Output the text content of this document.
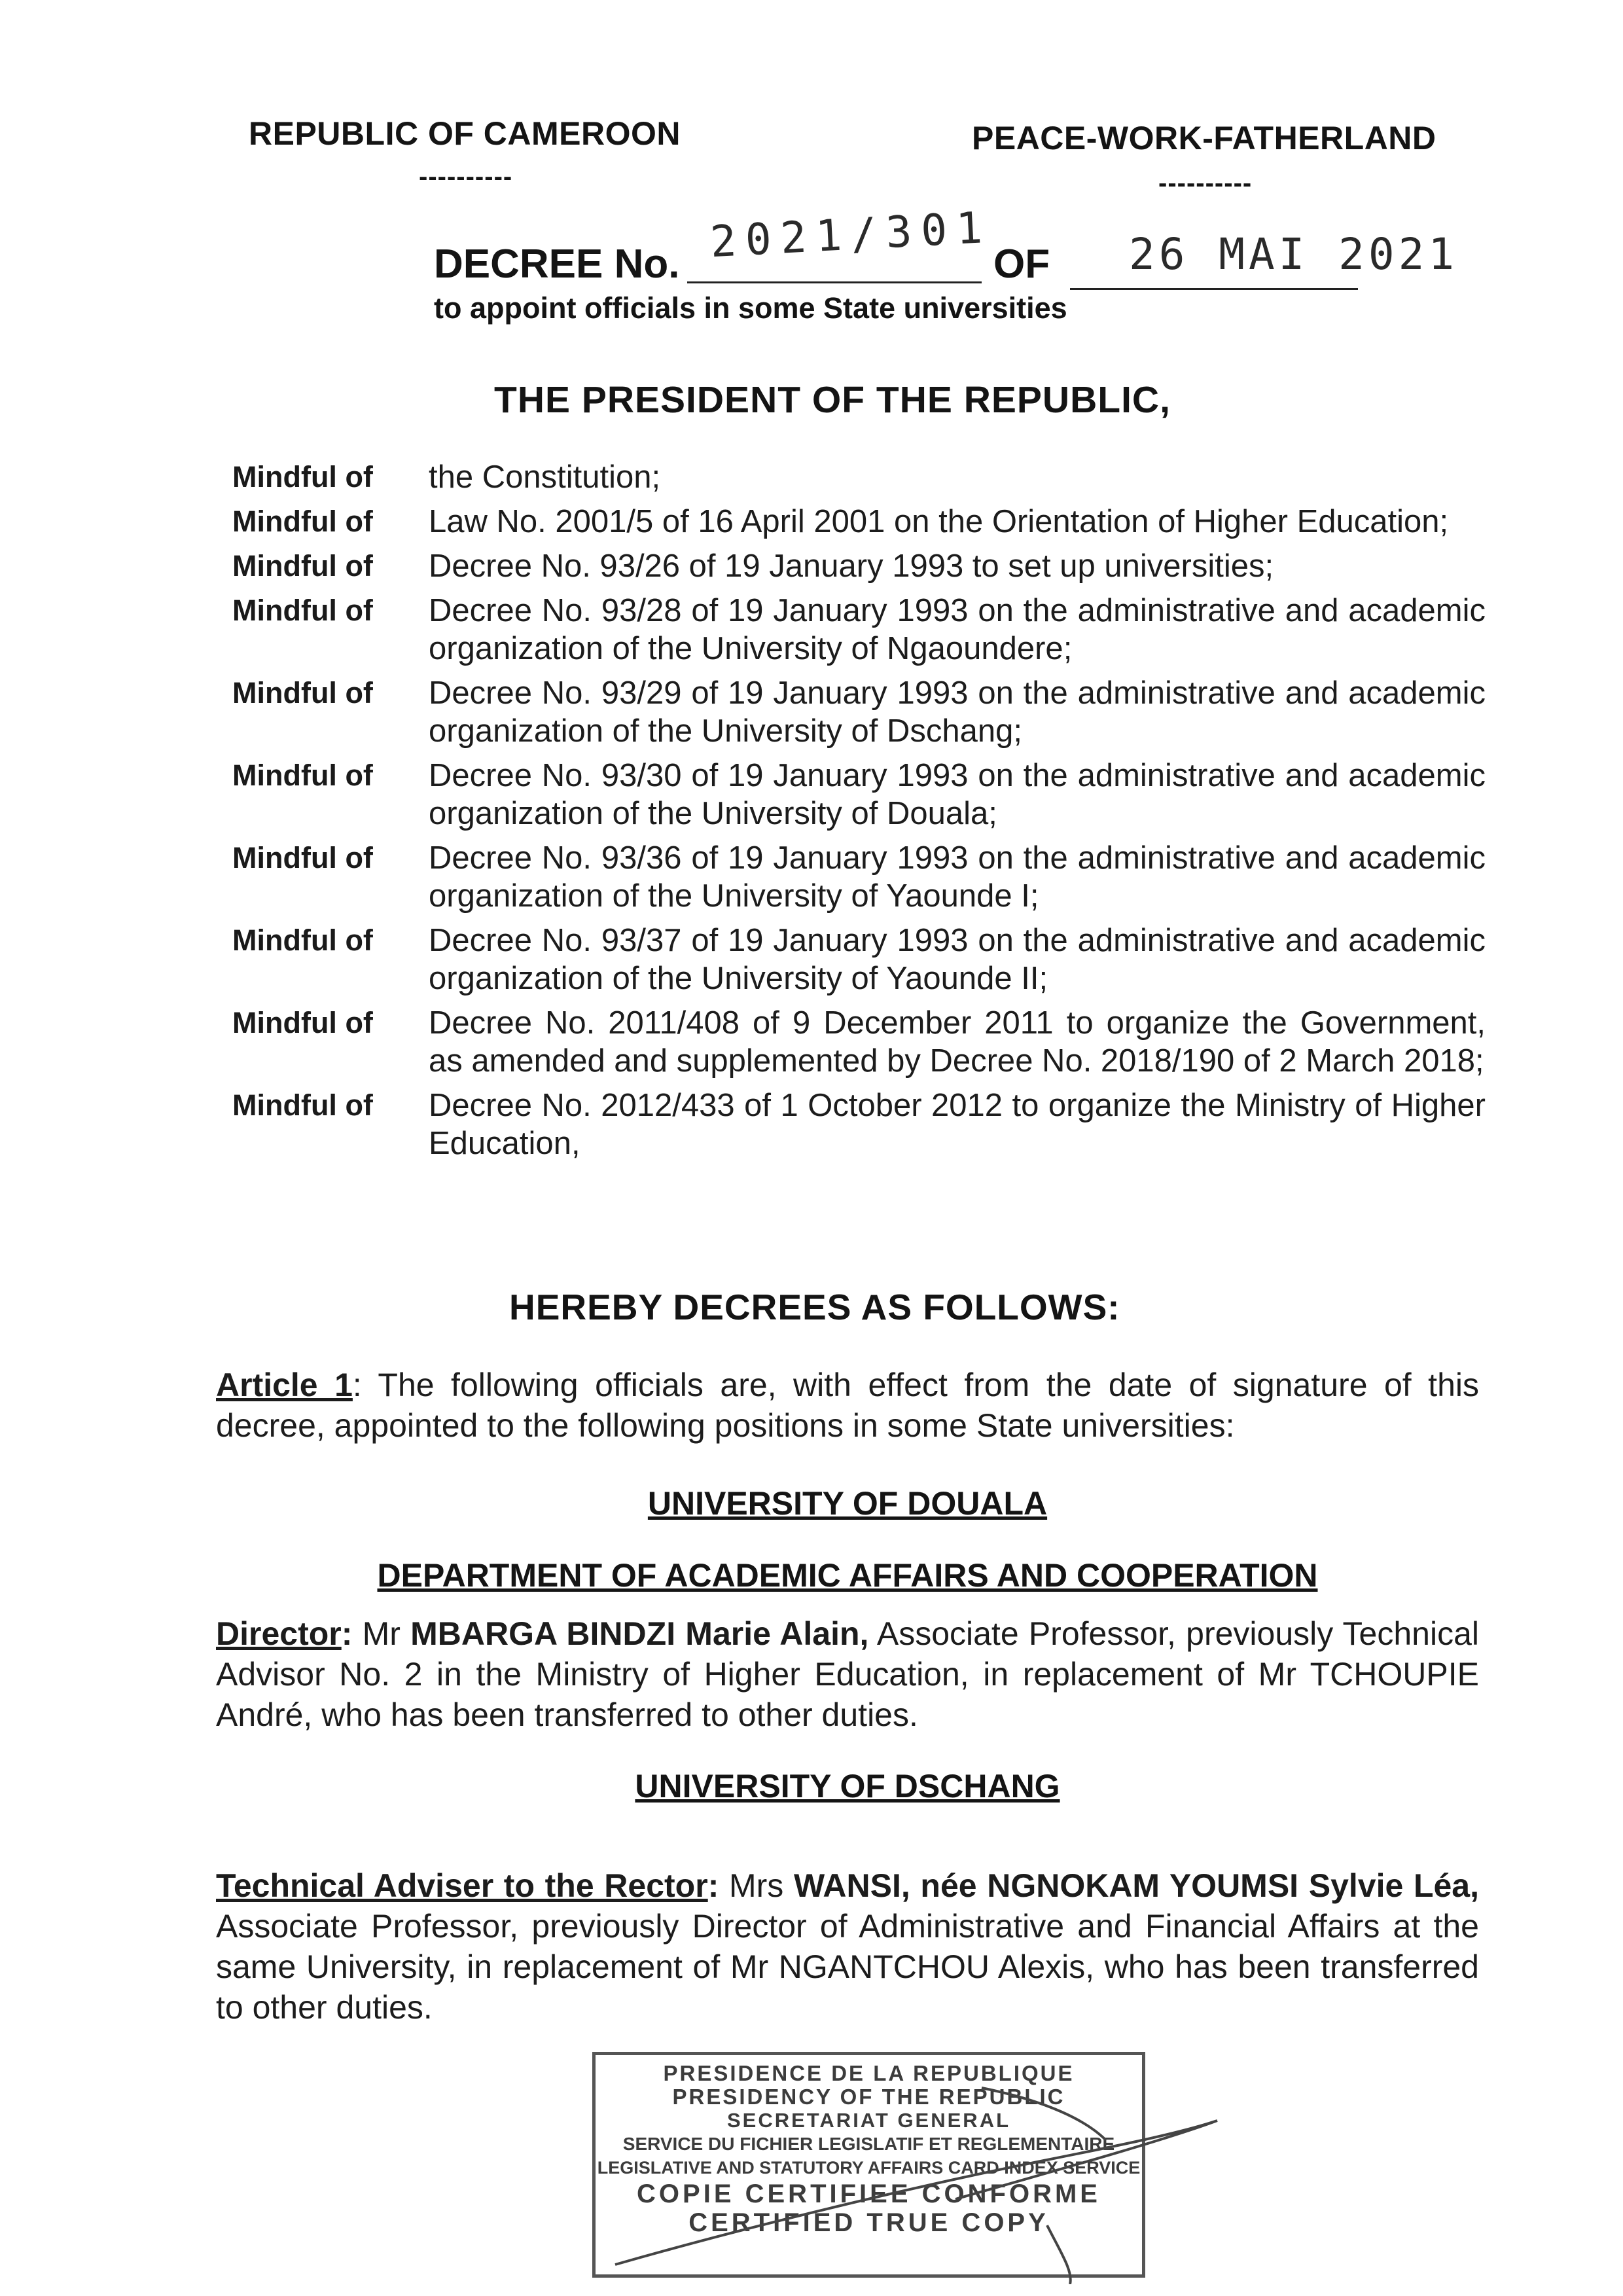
REPUBLIC OF CAMEROON
----------
PEACE-WORK-FATHERLAND
----------
DECREE No. 2021/301 OF 26 MAI 2021
to appoint officials in some State universities
THE PRESIDENT OF THE REPUBLIC,
Mindful of	the Constitution;
Mindful of	Law No. 2001/5 of 16 April 2001 on the Orientation of Higher Education;
Mindful of	Decree No. 93/26 of 19 January 1993 to set up universities;
Mindful of	Decree No. 93/28 of 19 January 1993 on the administrative and academic organization of the University of Ngaoundere;
Mindful of	Decree No. 93/29 of 19 January 1993 on the administrative and academic organization of the University of Dschang;
Mindful of	Decree No. 93/30 of 19 January 1993 on the administrative and academic organization of the University of Douala;
Mindful of	Decree No. 93/36 of 19 January 1993 on the administrative and academic organization of the University of Yaounde I;
Mindful of	Decree No. 93/37 of 19 January 1993 on the administrative and academic organization of the University of Yaounde II;
Mindful of	Decree No. 2011/408 of 9 December 2011 to organize the Government, as amended and supplemented by Decree No. 2018/190 of 2 March 2018;
Mindful of	Decree No. 2012/433 of 1 October 2012 to organize the Ministry of Higher Education,
HEREBY DECREES AS FOLLOWS:
Article 1: The following officials are, with effect from the date of signature of this decree, appointed to the following positions in some State universities:
UNIVERSITY OF DOUALA
DEPARTMENT OF ACADEMIC AFFAIRS AND COOPERATION
Director: Mr MBARGA BINDZI Marie Alain, Associate Professor, previously Technical Advisor No. 2 in the Ministry of Higher Education, in replacement of Mr TCHOUPIE André, who has been transferred to other duties.
UNIVERSITY OF DSCHANG
Technical Adviser to the Rector: Mrs WANSI, née NGNOKAM YOUMSI Sylvie Léa, Associate Professor, previously Director of Administrative and Financial Affairs at the same University, in replacement of Mr NGANTCHOU Alexis, who has been transferred to other duties.
PRESIDENCE DE LA REPUBLIQUE
PRESIDENCY OF THE REPUBLIC
SECRETARIAT GENERAL
SERVICE DU FICHIER LEGISLATIF ET REGLEMENTAIRE
LEGISLATIVE AND STATUTORY AFFAIRS CARD INDEX SERVICE
COPIE CERTIFIEE CONFORME
CERTIFIED TRUE COPY
